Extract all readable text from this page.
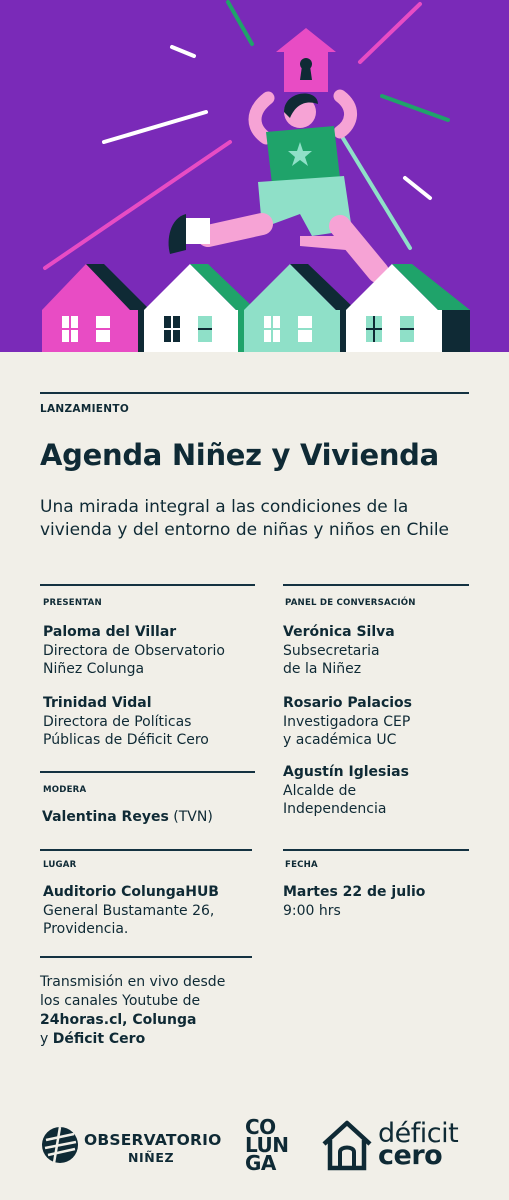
LANZAMIENTO
Agenda Niñez y Vivienda
Una mirada integral a las condiciones de la vivienda y del entorno de niñas y niños en Chile
PRESENTAN
Paloma del Villar
Directora de Observatorio
Niñez Colunga
Trinidad Vidal
Directora de Políticas
Públicas de Déficit Cero
MODERA
Valentina Reyes (TVN)
LUGAR
Auditorio ColungaHUB
General Bustamante 26,
Providencia.
Transmisión en vivo desde
los canales Youtube de
24horas.cl, Colunga
y Déficit Cero
PANEL DE CONVERSACIÓN
Verónica Silva
Subsecretaria
de la Niñez
Rosario Palacios
Investigadora CEP
y académica UC
Agustín Iglesias
Alcalde de
Independencia
FECHA
Martes 22 de julio
9:00 hrs
OBSERVATORIO
NIÑEZ
CO
LUN
GA
déficit
cero
